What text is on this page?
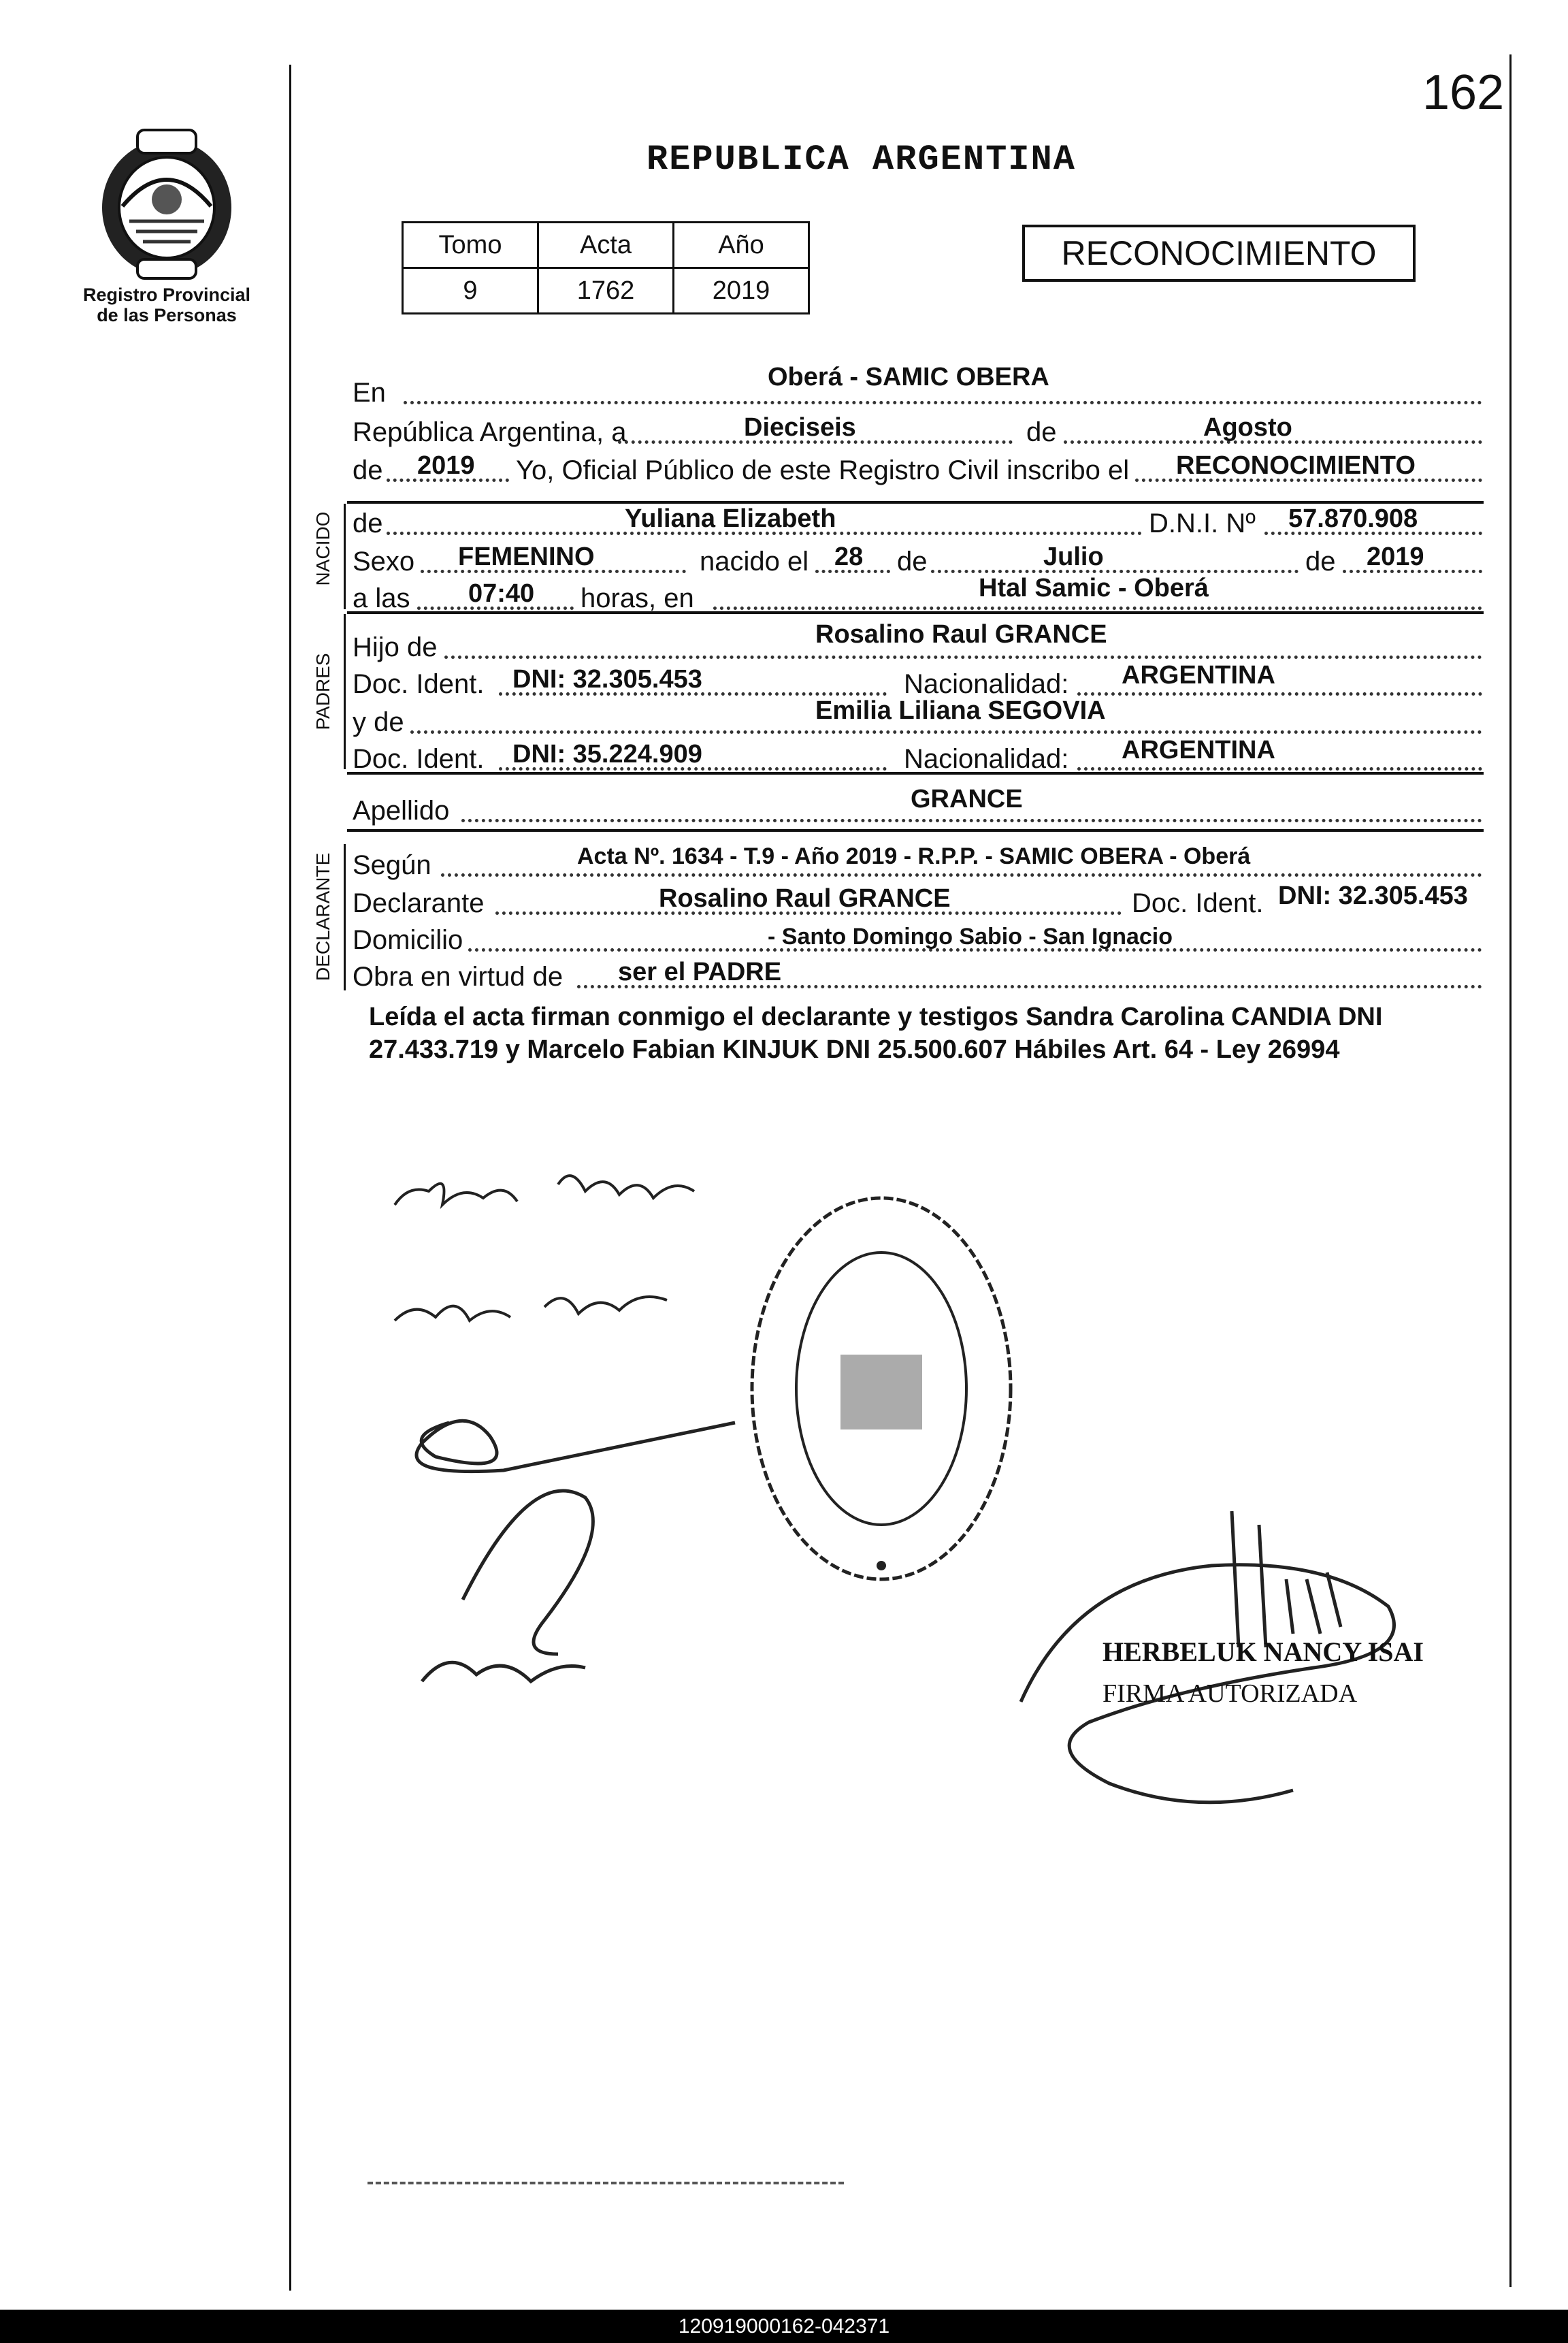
162
REPUBLICA ARGENTINA
Registro Provincial
de las Personas
Tomo	Acta	Año
9	1762	2019
RECONOCIMIENTO
NACIDO
PADRES
DECLARANTE
En
Oberá - SAMIC OBERA
República Argentina, a	Dieciseis	de	Agosto
de 2019 Yo, Oficial Público de este Registro Civil inscribo el RECONOCIMIENTO
de	Yuliana Elizabeth	D.N.I. Nº 57.870.908
Sexo FEMENINO	nacido el 28 de	Julio	de 2019
a las 07:40 horas, en	Htal Samic - Oberá
Hijo de	Rosalino Raul GRANCE
Doc. Ident. DNI: 32.305.453	Nacionalidad: ARGENTINA
y de	Emilia Liliana SEGOVIA
Doc. Ident. DNI: 35.224.909	Nacionalidad: ARGENTINA
Apellido	GRANCE
Según	Acta Nº. 1634 - T.9 - Año 2019 - R.P.P. - SAMIC OBERA - Oberá
Declarante	Rosalino Raul GRANCE	Doc. Ident. DNI: 32.305.453
Domicilio	- Santo Domingo Sabio - San Ignacio
Obra en virtud de ser el PADRE
Leída el acta firman conmigo el declarante y testigos Sandra Carolina CANDIA DNI 27.433.719 y Marcelo Fabian KINJUK DNI 25.500.607 Hábiles Art. 64 - Ley 26994
HERBELUK NANCY ISAI
FIRMA AUTORIZADA
120919000162-042371
